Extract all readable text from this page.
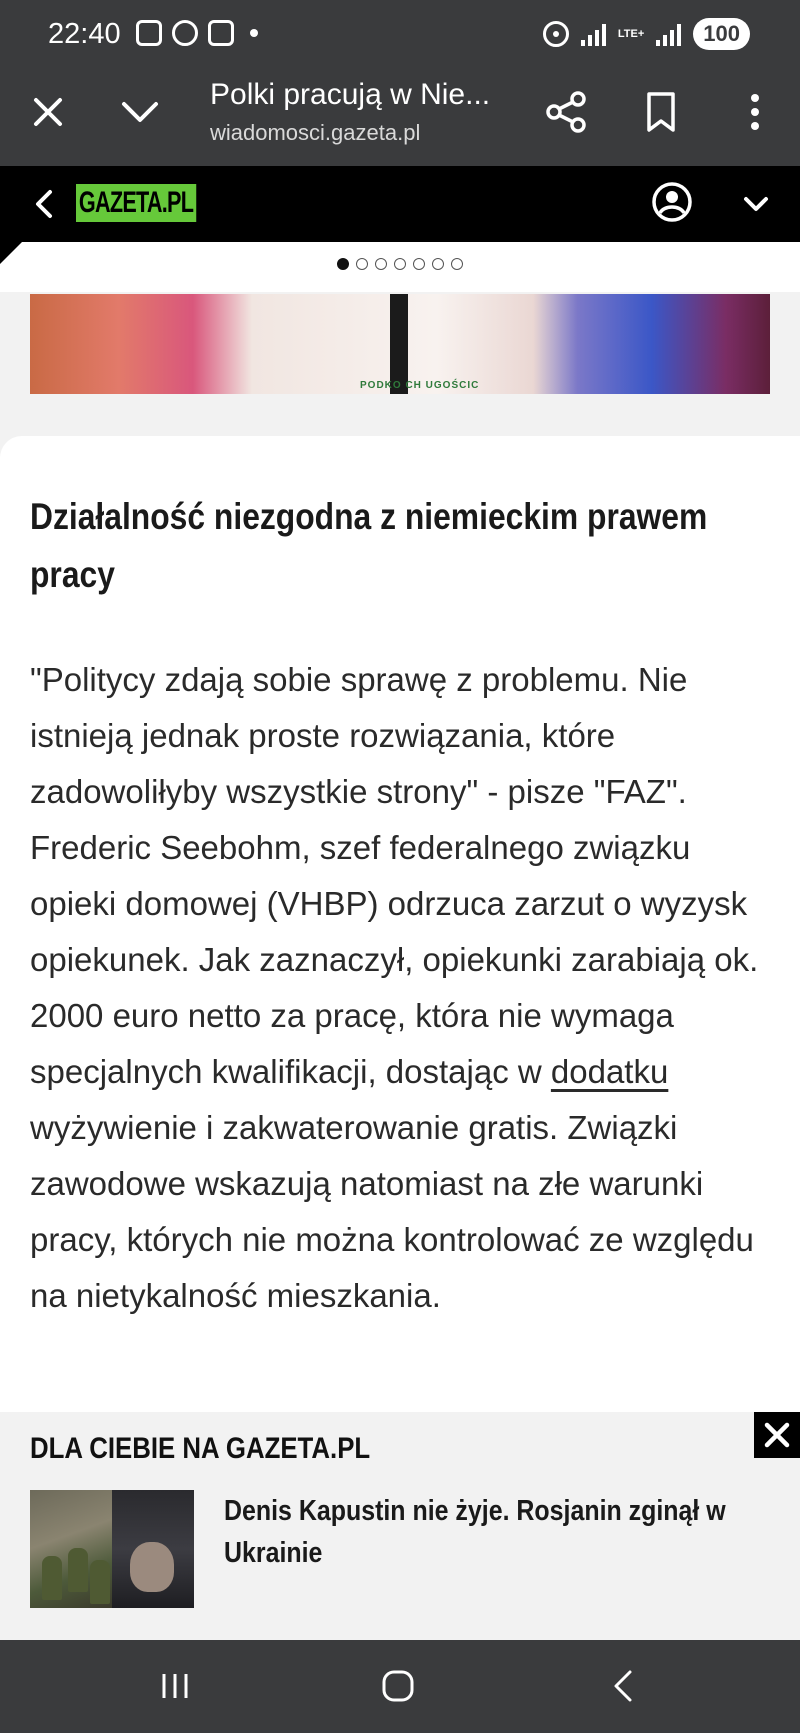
22:40	LTE+	100
Polki pracują w Nie...
wiadomosci.gazeta.pl
GAZETA.PL
PODKO CH UGOŚCIC
Działalność niezgodna z niemieckim prawem pracy

"Politycy zdają sobie sprawę z problemu. Nie istnieją jednak proste rozwiązania, które zadowoliłyby wszystkie strony" - pisze "FAZ". Frederic Seebohm, szef federalnego związku opieki domowej (VHBP) odrzuca zarzut o wyzysk opiekunek. Jak zaznaczył, opiekunki zarabiają ok. 2000 euro netto za pracę, która nie wymaga specjalnych kwalifikacji, dostając w dodatku wyżywienie i zakwaterowanie gratis. Związki zawodowe wskazują natomiast na złe warunki pracy, których nie można kontrolować ze względu na nietykalność mieszkania.

DLA CIEBIE NA GAZETA.PL
Denis Kapustin nie żyje. Rosjanin zginął w Ukrainie
